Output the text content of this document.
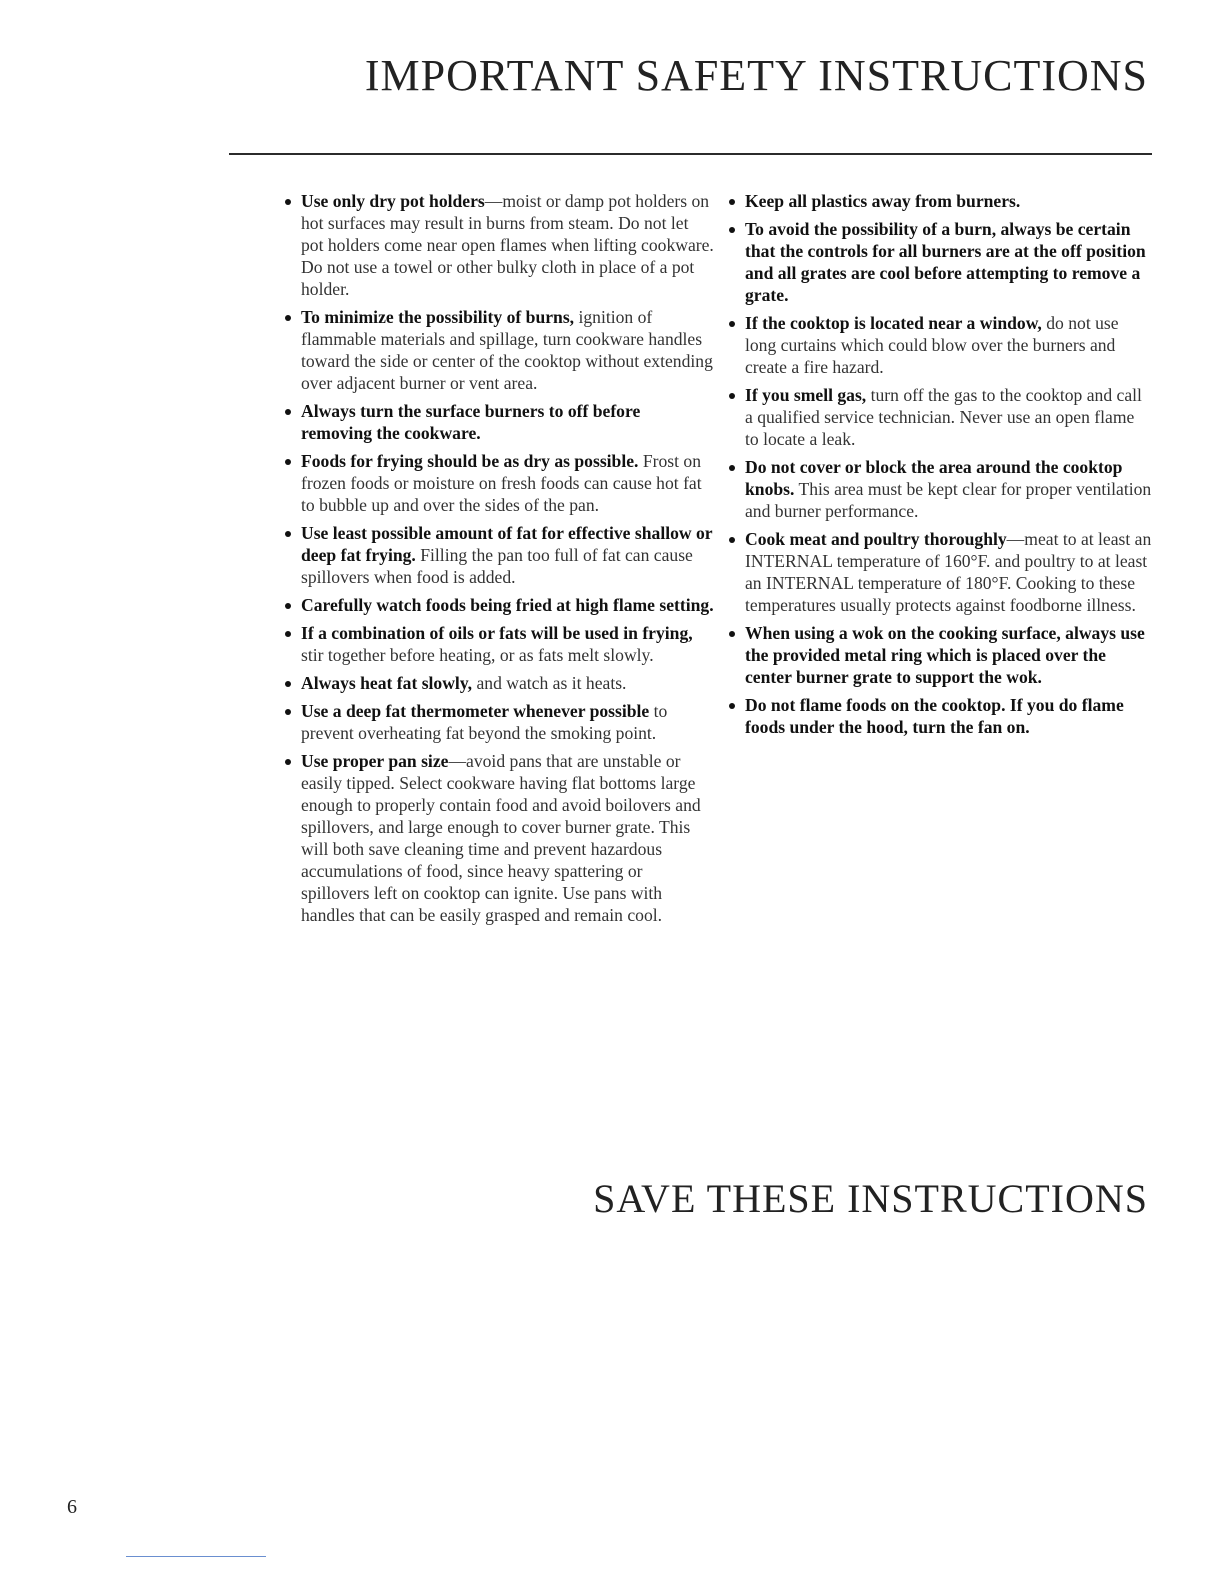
IMPORTANT SAFETY INSTRUCTIONS
Use only dry pot holders—moist or damp pot holders on hot surfaces may result in burns from steam. Do not let pot holders come near open flames when lifting cookware. Do not use a towel or other bulky cloth in place of a pot holder.
To minimize the possibility of burns, ignition of flammable materials and spillage, turn cookware handles toward the side or center of the cooktop without extending over adjacent burner or vent area.
Always turn the surface burners to off before removing the cookware.
Foods for frying should be as dry as possible. Frost on frozen foods or moisture on fresh foods can cause hot fat to bubble up and over the sides of the pan.
Use least possible amount of fat for effective shallow or deep fat frying. Filling the pan too full of fat can cause spillovers when food is added.
Carefully watch foods being fried at high flame setting.
If a combination of oils or fats will be used in frying, stir together before heating, or as fats melt slowly.
Always heat fat slowly, and watch as it heats.
Use a deep fat thermometer whenever possible to prevent overheating fat beyond the smoking point.
Use proper pan size—avoid pans that are unstable or easily tipped. Select cookware having flat bottoms large enough to properly contain food and avoid boilovers and spillovers, and large enough to cover burner grate. This will both save cleaning time and prevent hazardous accumulations of food, since heavy spattering or spillovers left on cooktop can ignite. Use pans with handles that can be easily grasped and remain cool.
Keep all plastics away from burners.
To avoid the possibility of a burn, always be certain that the controls for all burners are at the off position and all grates are cool before attempting to remove a grate.
If the cooktop is located near a window, do not use long curtains which could blow over the burners and create a fire hazard.
If you smell gas, turn off the gas to the cooktop and call a qualified service technician. Never use an open flame to locate a leak.
Do not cover or block the area around the cooktop knobs. This area must be kept clear for proper ventilation and burner performance.
Cook meat and poultry thoroughly—meat to at least an INTERNAL temperature of 160°F. and poultry to at least an INTERNAL temperature of 180°F. Cooking to these temperatures usually protects against foodborne illness.
When using a wok on the cooking surface, always use the provided metal ring which is placed over the center burner grate to support the wok.
Do not flame foods on the cooktop. If you do flame foods under the hood, turn the fan on.
SAVE THESE INSTRUCTIONS
6
